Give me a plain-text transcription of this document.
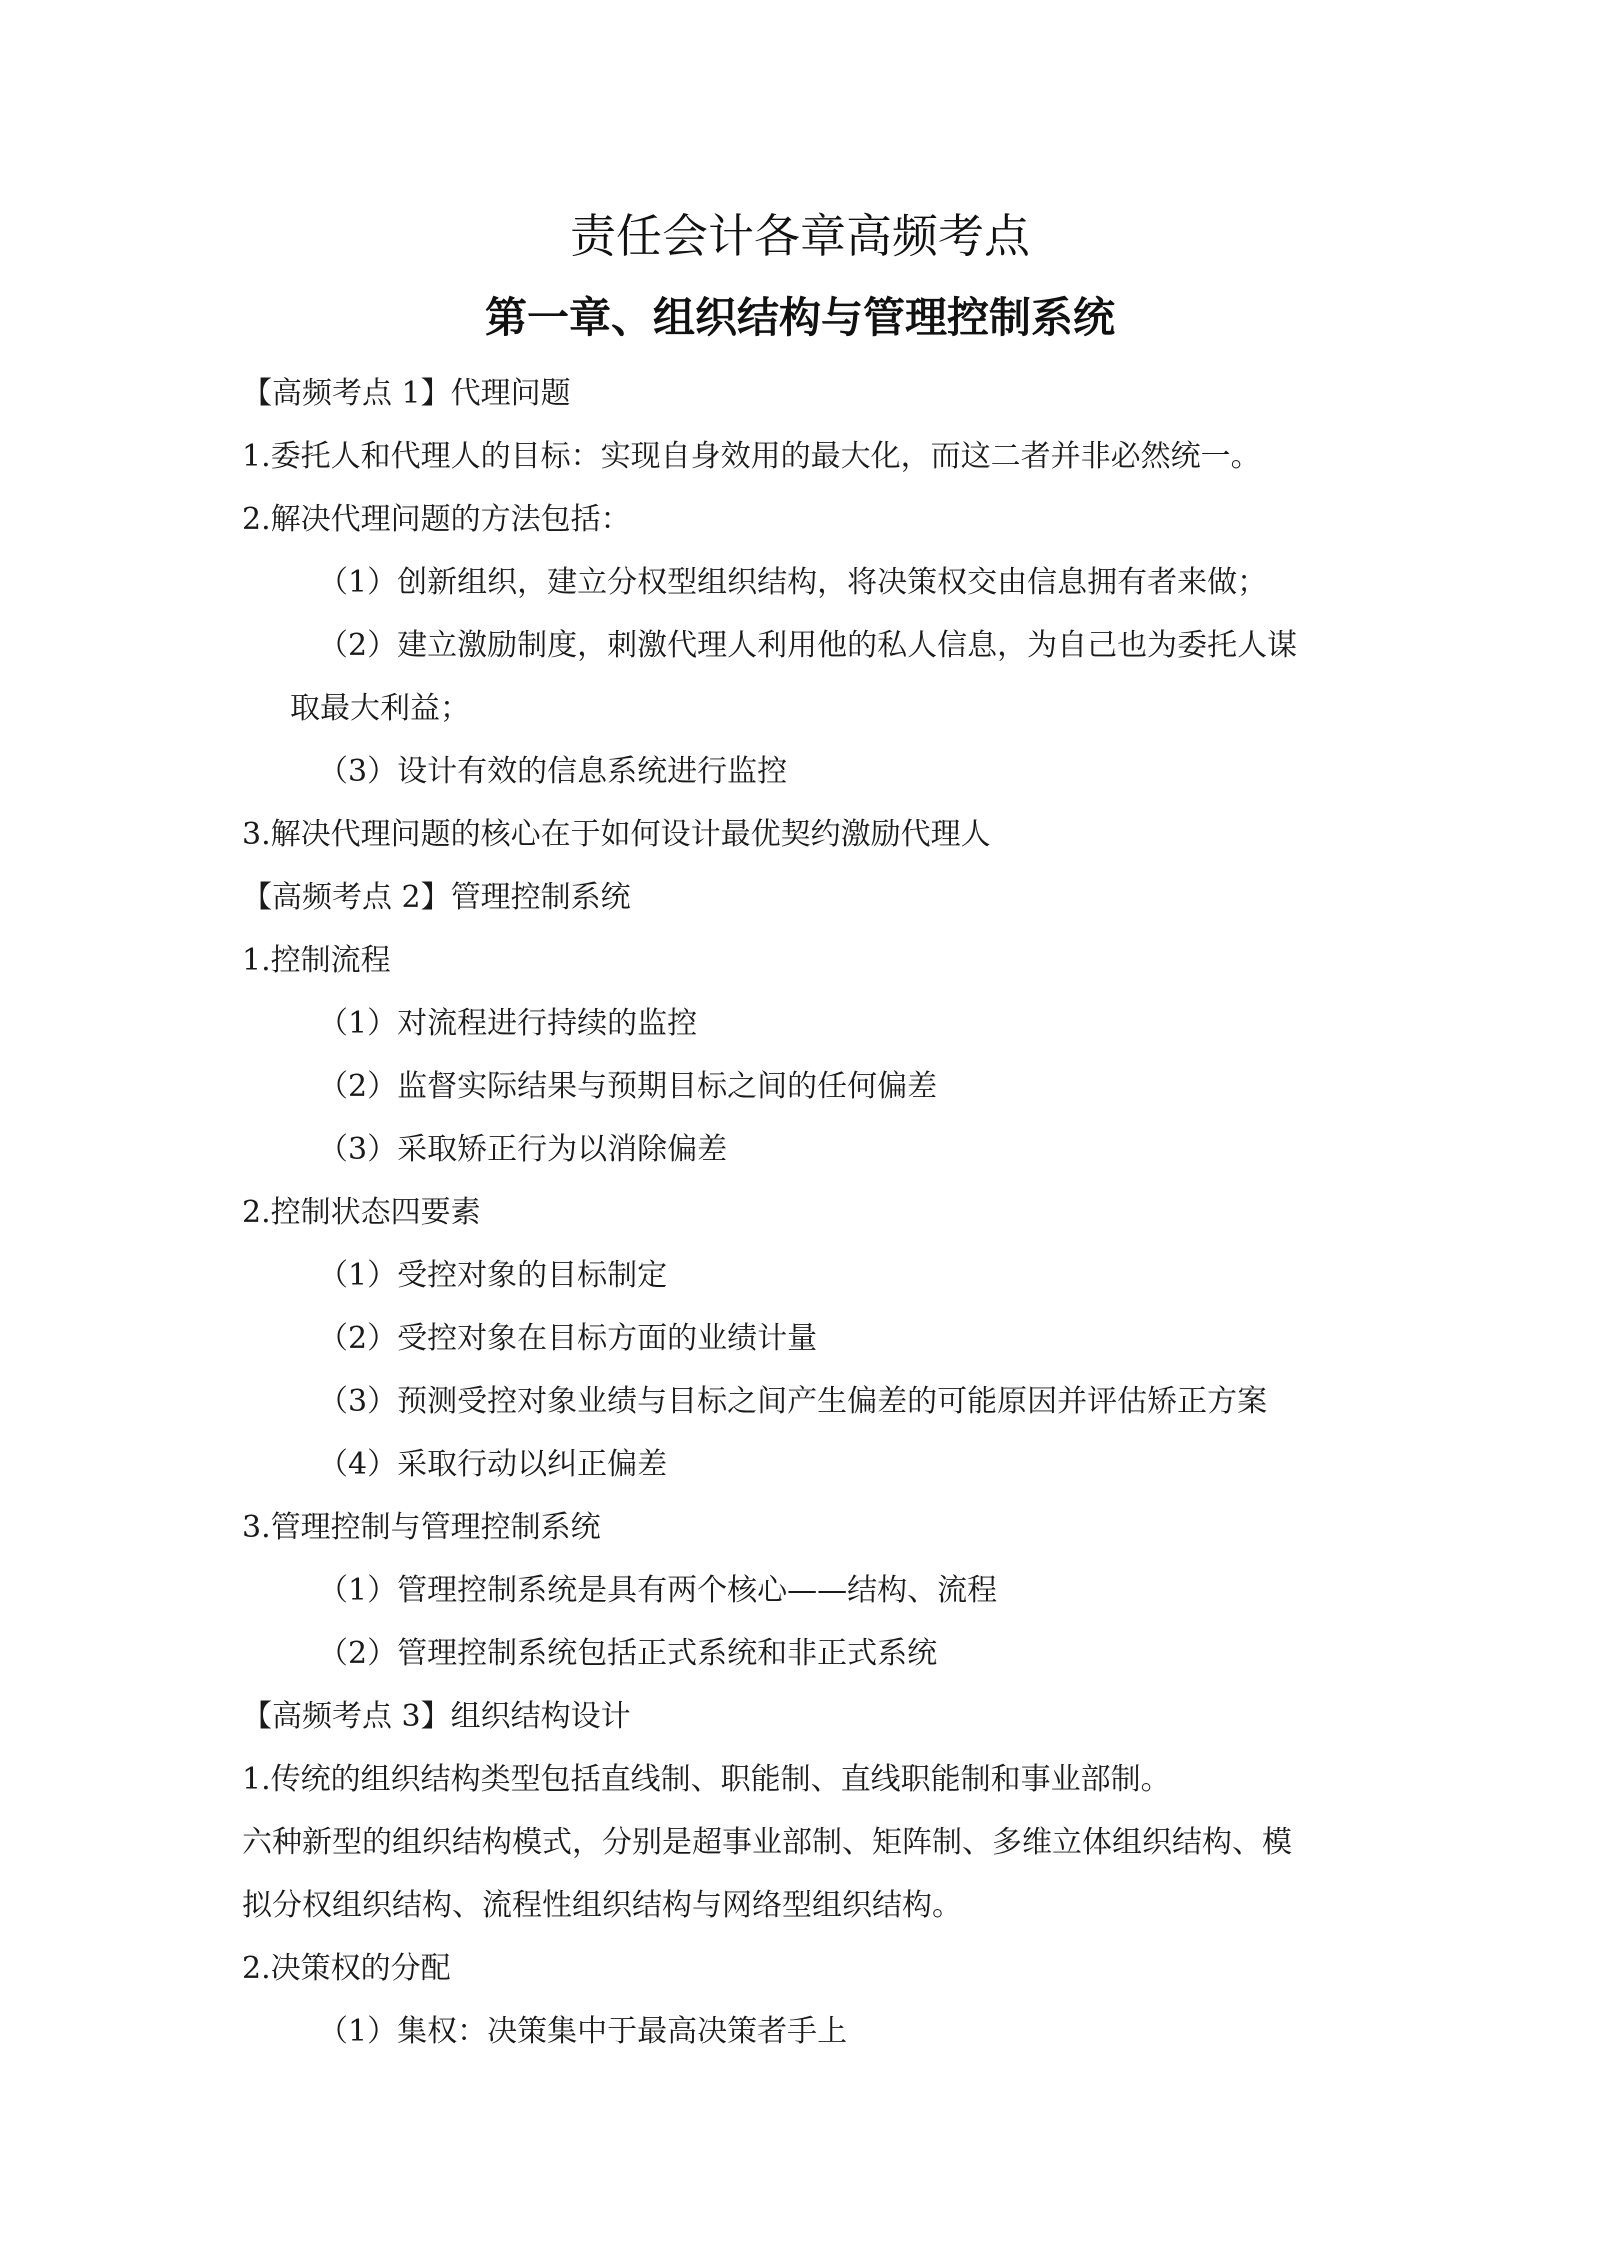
责任会计各章高频考点
第一章、组织结构与管理控制系统

【高频考点 1】代理问题

1.委托人和代理人的目标：实现自身效用的最大化，而这二者并非必然统一。

2.解决代理问题的方法包括：

（1）创新组织，建立分权型组织结构，将决策权交由信息拥有者来做；

（2）建立激励制度，刺激代理人利用他的私人信息，为自己也为委托人谋

取最大利益；

（3）设计有效的信息系统进行监控

3.解决代理问题的核心在于如何设计最优契约激励代理人

【高频考点 2】管理控制系统

1.控制流程

（1）对流程进行持续的监控

（2）监督实际结果与预期目标之间的任何偏差

（3）采取矫正行为以消除偏差

2.控制状态四要素

（1）受控对象的目标制定

（2）受控对象在目标方面的业绩计量

（3）预测受控对象业绩与目标之间产生偏差的可能原因并评估矫正方案

（4）采取行动以纠正偏差

3.管理控制与管理控制系统

（1）管理控制系统是具有两个核心——结构、流程

（2）管理控制系统包括正式系统和非正式系统

【高频考点 3】组织结构设计

1.传统的组织结构类型包括直线制、职能制、直线职能制和事业部制。

六种新型的组织结构模式，分别是超事业部制、矩阵制、多维立体组织结构、模

拟分权组织结构、流程性组织结构与网络型组织结构。

2.决策权的分配

（1）集权：决策集中于最高决策者手上
